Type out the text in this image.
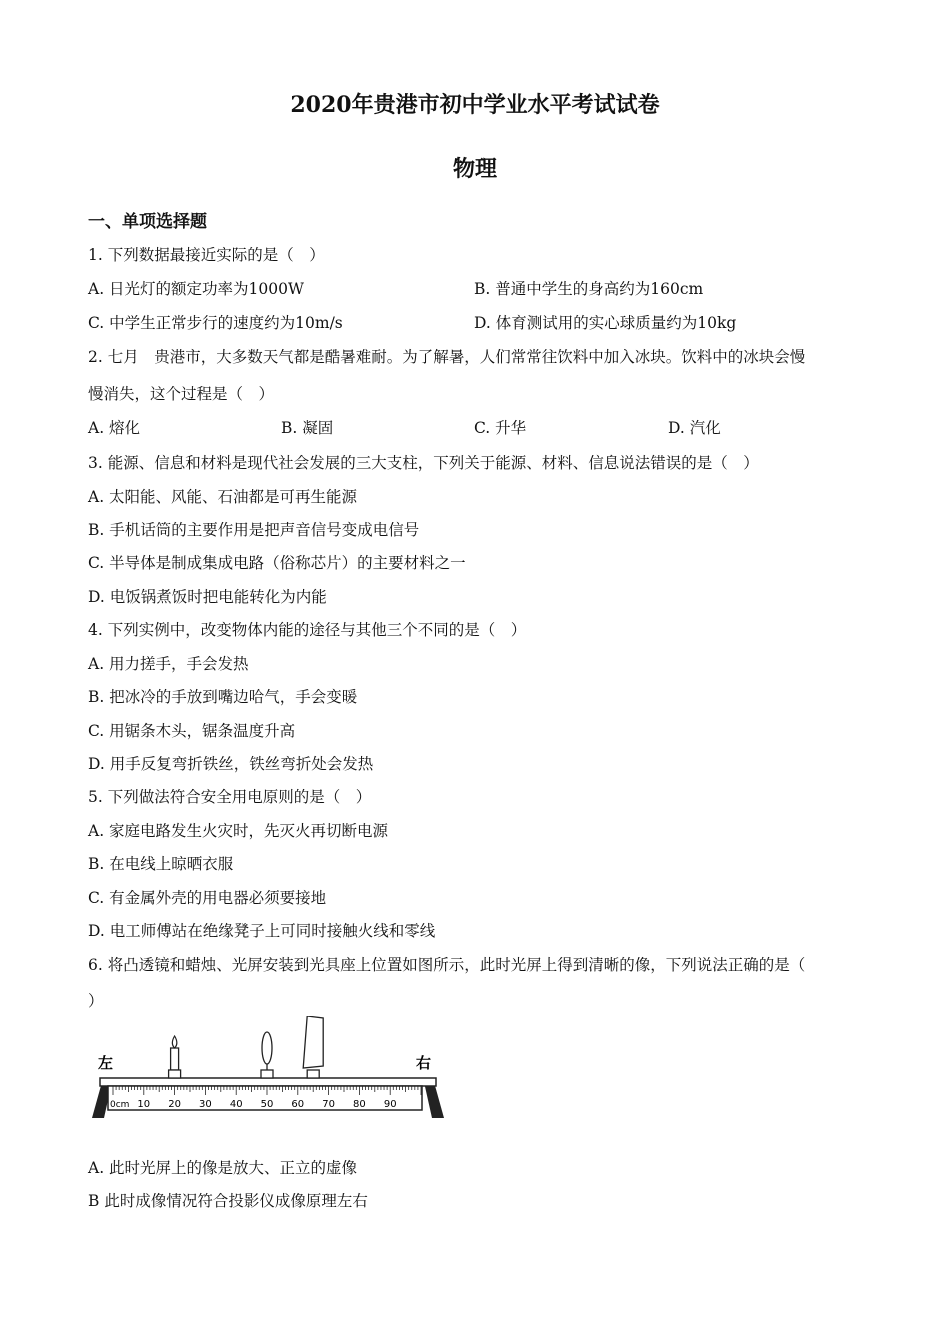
2020年贵港市初中学业水平考试试卷
物理
一、单项选择题
1. 下列数据最接近实际的是（　）
A. 日光灯的额定功率为1000W	B. 普通中学生的身高约为160cm
C. 中学生正常步行的速度约为10m/s	D. 体育测试用的实心球质量约为10kg
2. 七月　贵港市，大多数天气都是酷暑难耐。为了解暑，人们常常往饮料中加入冰块。饮料中的冰块会慢
慢消失，这个过程是（　）
A. 熔化	B. 凝固	C. 升华	D. 汽化
3. 能源、信息和材料是现代社会发展的三大支柱，下列关于能源、材料、信息说法错误的是（　）
A. 太阳能、风能、石油都是可再生能源
B. 手机话筒的主要作用是把声音信号变成电信号
C. 半导体是制成集成电路（俗称芯片）的主要材料之一
D. 电饭锅煮饭时把电能转化为内能
4. 下列实例中，改变物体内能的途径与其他三个不同的是（　）
A. 用力搓手，手会发热
B. 把冰冷的手放到嘴边哈气，手会变暖
C. 用锯条木头，锯条温度升高
D. 用手反复弯折铁丝，铁丝弯折处会发热
5. 下列做法符合安全用电原则的是（　）
A. 家庭电路发生火灾时，先灭火再切断电源
B. 在电线上晾晒衣服
C. 有金属外壳的用电器必须要接地
D. 电工师傅站在绝缘凳子上可同时接触火线和零线
6. 将凸透镜和蜡烛、光屏安装到光具座上位置如图所示，此时光屏上得到清晰的像，下列说法正确的是（
）
左	右
0cm 10 20 30 40 50 60 70 80 90
A. 此时光屏上的像是放大、正立的虚像
B 此时成像情况符合投影仪成像原理左右
